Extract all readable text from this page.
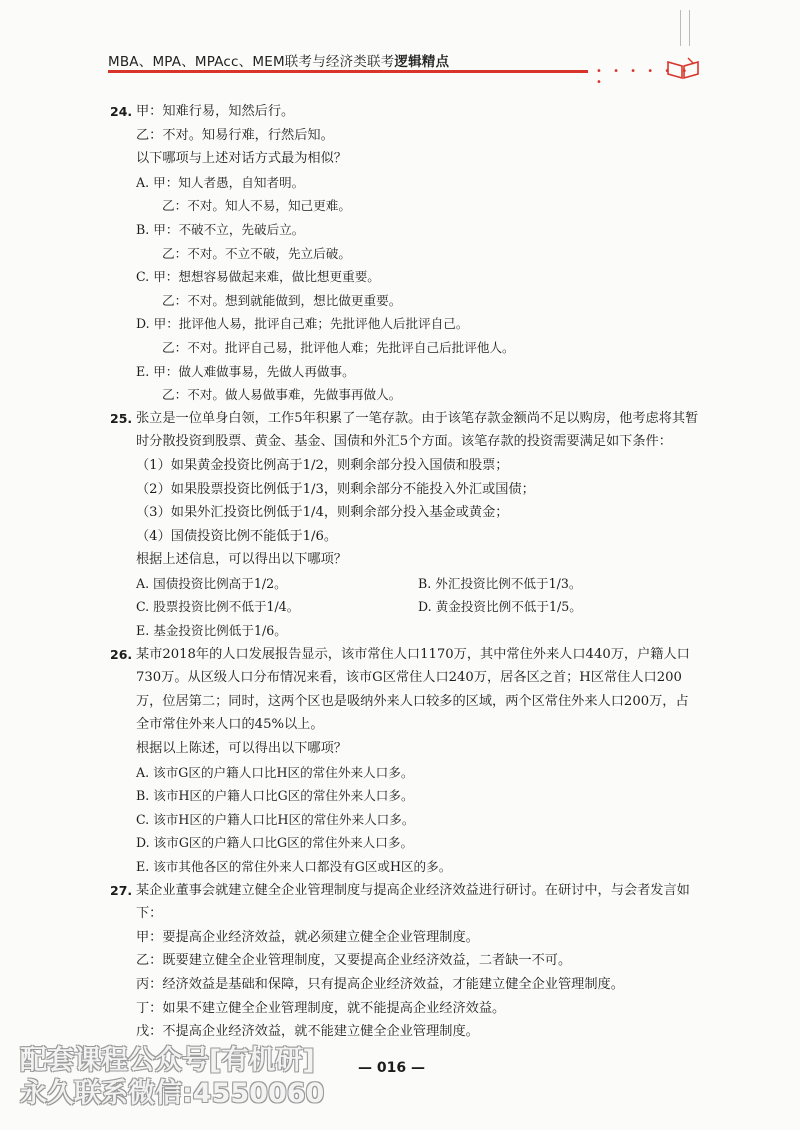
MBA、MPA、MPAcc、MEM联考与经济类联考逻辑精点
• • • • • • •
24. 甲：知难行易，知然后行。
乙：不对。知易行难，行然后知。
以下哪项与上述对话方式最为相似？
A. 甲：知人者愚，自知者明。
乙：不对。知人不易，知己更难。
B. 甲：不破不立，先破后立。
乙：不对。不立不破，先立后破。
C. 甲：想想容易做起来难，做比想更重要。
乙：不对。想到就能做到，想比做更重要。
D. 甲：批评他人易，批评自己难；先批评他人后批评自己。
乙：不对。批评自己易，批评他人难；先批评自己后批评他人。
E. 甲：做人难做事易，先做人再做事。
乙：不对。做人易做事难，先做事再做人。
25. 张立是一位单身白领，工作5年积累了一笔存款。由于该笔存款金额尚不足以购房，他考虑将其暂时分散投资到股票、黄金、基金、国债和外汇5个方面。该笔存款的投资需要满足如下条件：
（1）如果黄金投资比例高于1/2，则剩余部分投入国债和股票；
（2）如果股票投资比例低于1/3，则剩余部分不能投入外汇或国债；
（3）如果外汇投资比例低于1/4，则剩余部分投入基金或黄金；
（4）国债投资比例不能低于1/6。
根据上述信息，可以得出以下哪项？
A. 国债投资比例高于1/2。	B. 外汇投资比例不低于1/3。
C. 股票投资比例不低于1/4。	D. 黄金投资比例不低于1/5。
E. 基金投资比例低于1/6。
26. 某市2018年的人口发展报告显示，该市常住人口1170万，其中常住外来人口440万，户籍人口730万。从区级人口分布情况来看，该市G区常住人口240万，居各区之首；H区常住人口200万，位居第二；同时，这两个区也是吸纳外来人口较多的区域，两个区常住外来人口200万，占全市常住外来人口的45%以上。
根据以上陈述，可以得出以下哪项？
A. 该市G区的户籍人口比H区的常住外来人口多。
B. 该市H区的户籍人口比G区的常住外来人口多。
C. 该市H区的户籍人口比H区的常住外来人口多。
D. 该市G区的户籍人口比G区的常住外来人口多。
E. 该市其他各区的常住外来人口都没有G区或H区的多。
27. 某企业董事会就建立健全企业管理制度与提高企业经济效益进行研讨。在研讨中，与会者发言如下：
甲：要提高企业经济效益，就必须建立健全企业管理制度。
乙：既要建立健全企业管理制度，又要提高企业经济效益，二者缺一不可。
丙：经济效益是基础和保障，只有提高企业经济效益，才能建立健全企业管理制度。
丁：如果不建立健全企业管理制度，就不能提高企业经济效益。
戊：不提高企业经济效益，就不能建立健全企业管理制度。
— 016 —
配套课程公众号[有机研]
永久联系微信:4550060
